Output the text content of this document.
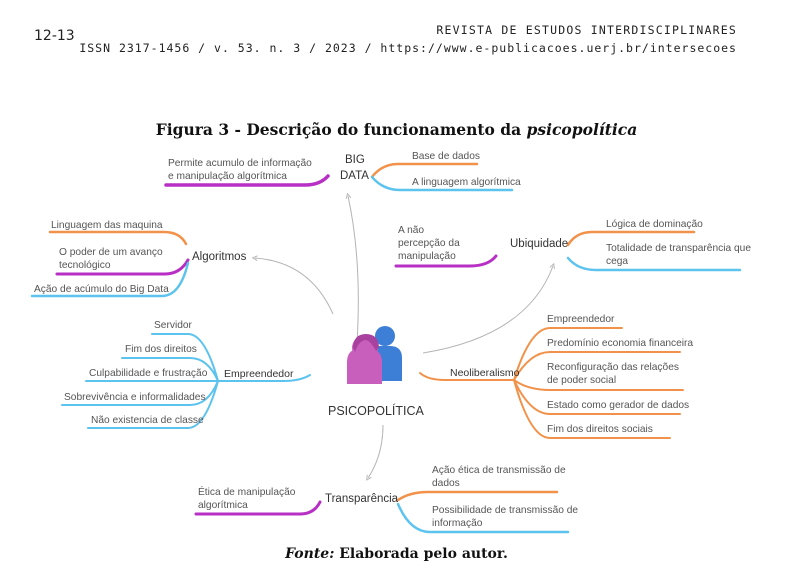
12-13	REVISTA DE ESTUDOS INTERDISCIPLINARES
ISSN 2317-1456 / v. 53. n. 3 / 2023 / https://www.e-publicacoes.uerj.br/intersecoes
Figura 3 - Descrição do funcionamento da psicopolítica
PSICOPOLÍTICA
BIG
DATA
Permite acumulo de informação
e manipulação algorítmica
Base de dados
A linguagem algorítmica
Algoritmos
Linguagem das maquina
O poder de um avanço
tecnológico
Ação de acúmulo do Big Data
Ubiquidade
A não
percepção da
manipulação
Lógica de dominação
Totalidade de transparência que
cega
Empreendedor
Servidor
Fim dos direitos
Culpabilidade e frustração
Sobrevivência e informalidades
Não existencia de classe
Neoliberalismo
Empreendedor
Predomínio economia financeira
Reconfiguração das relações
de poder social
Estado como gerador de dados
Fim dos direitos sociais
Transparência
Ética de manipulação
algorítmica
Ação ética de transmissão de
dados
Possibilidade de transmissão de
informação
Fonte: Elaborada pelo autor.
